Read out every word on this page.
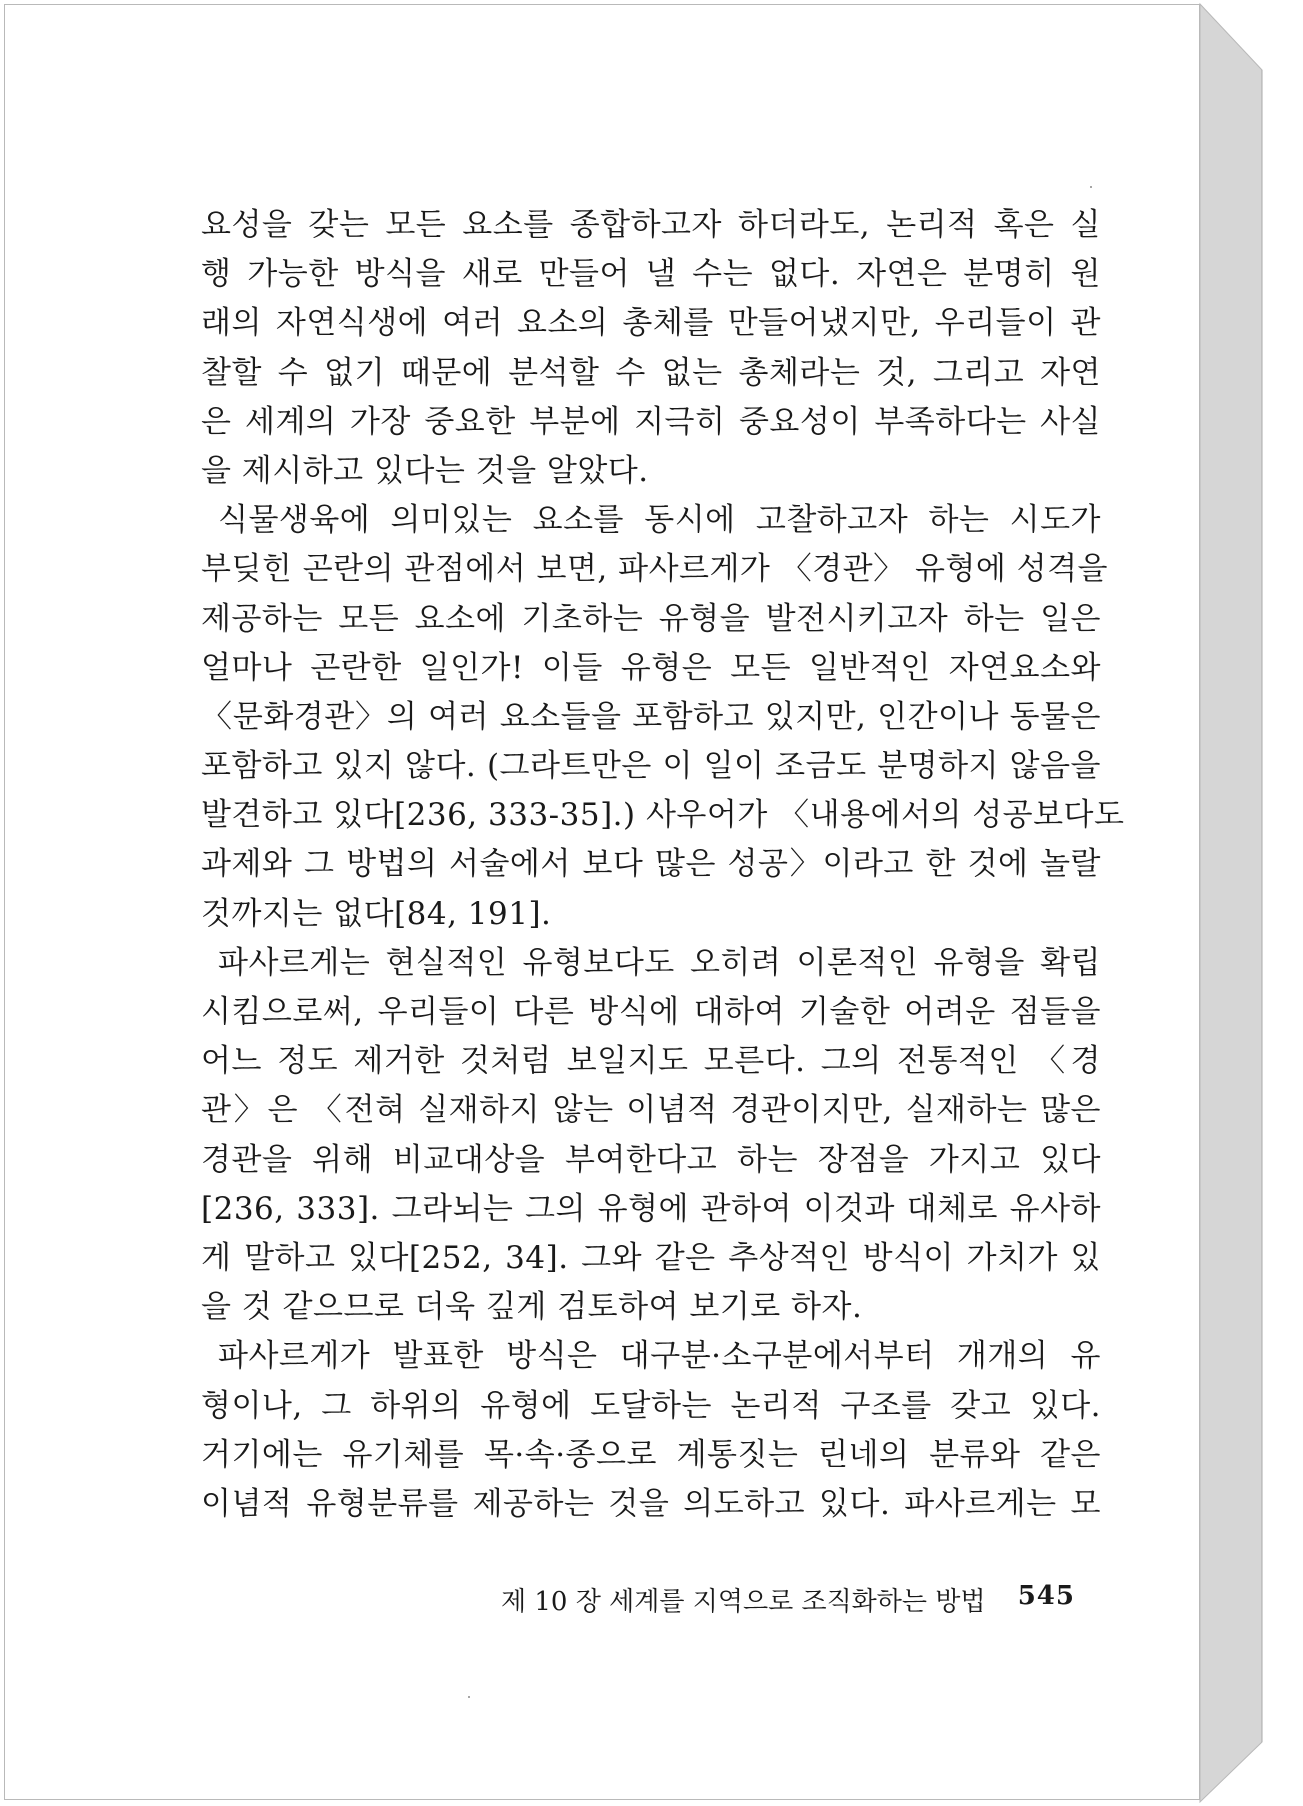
요성을 갖는 모든 요소를 종합하고자 하더라도, 논리적 혹은 실
행 가능한 방식을 새로 만들어 낼 수는 없다. 자연은 분명히 원
래의 자연식생에 여러 요소의 총체를 만들어냈지만, 우리들이 관
찰할 수 없기 때문에 분석할 수 없는 총체라는 것, 그리고 자연
은 세계의 가장 중요한 부분에 지극히 중요성이 부족하다는 사실
을 제시하고 있다는 것을 알았다.
식물생육에 의미있는 요소를 동시에 고찰하고자 하는 시도가
부딪힌 곤란의 관점에서 보면, 파사르게가 〈경관〉 유형에 성격을
제공하는 모든 요소에 기초하는 유형을 발전시키고자 하는 일은
얼마나 곤란한 일인가! 이들 유형은 모든 일반적인 자연요소와
〈문화경관〉의 여러 요소들을 포함하고 있지만, 인간이나 동물은
포함하고 있지 않다. (그라트만은 이 일이 조금도 분명하지 않음을
발견하고 있다[236, 333-35].) 사우어가 〈내용에서의 성공보다도
과제와 그 방법의 서술에서 보다 많은 성공〉이라고 한 것에 놀랄
것까지는 없다[84, 191].
파사르게는 현실적인 유형보다도 오히려 이론적인 유형을 확립
시킴으로써, 우리들이 다른 방식에 대하여 기술한 어려운 점들을
어느 정도 제거한 것처럼 보일지도 모른다. 그의 전통적인 〈경
관〉은 〈전혀 실재하지 않는 이념적 경관이지만, 실재하는 많은
경관을 위해 비교대상을 부여한다고 하는 장점을 가지고 있다
[236, 333]. 그라뇌는 그의 유형에 관하여 이것과 대체로 유사하
게 말하고 있다[252, 34]. 그와 같은 추상적인 방식이 가치가 있
을 것 같으므로 더욱 깊게 검토하여 보기로 하자.
파사르게가 발표한 방식은 대구분·소구분에서부터 개개의 유
형이나, 그 하위의 유형에 도달하는 논리적 구조를 갖고 있다.
거기에는 유기체를 목·속·종으로 계통짓는 린네의 분류와 같은
이념적 유형분류를 제공하는 것을 의도하고 있다. 파사르게는 모
제 10 장 세계를 지역으로 조직화하는 방법 545
